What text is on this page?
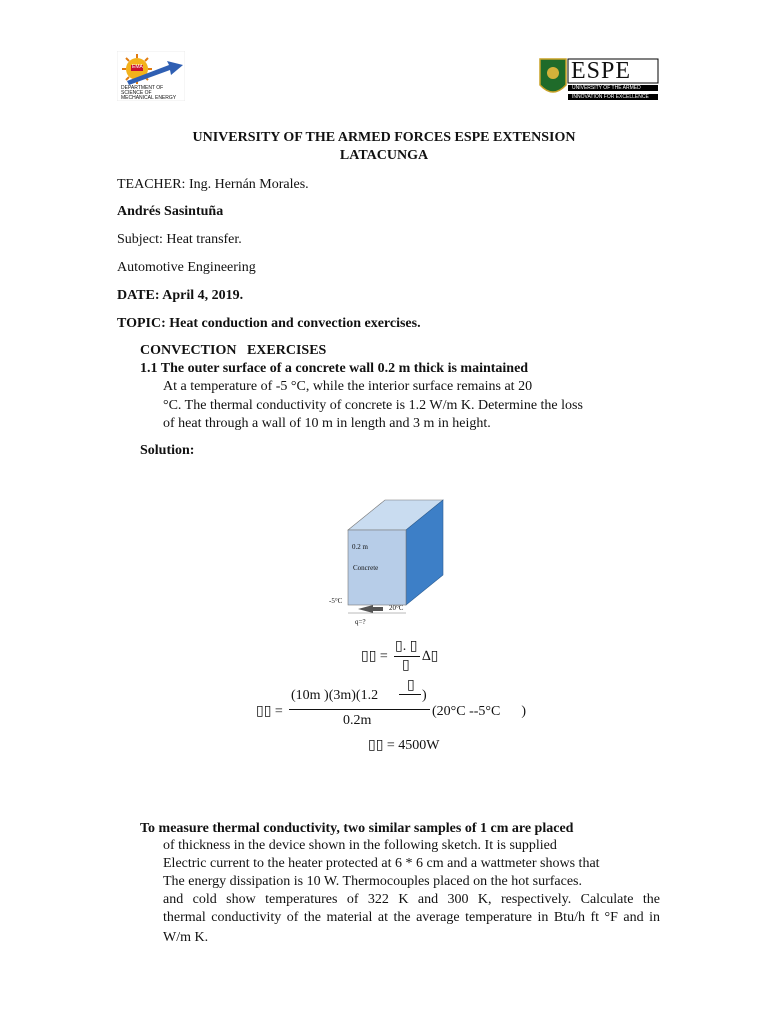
EMA
DEPARTMENT OF SCIENCE OF MECHANICAL ENERGY
ESPE
UNIVERSITY OF THE ARMED
INNOVATION FOR EXCELLENCE
UNIVERSITY OF THE ARMED FORCES ESPE EXTENSION
LATACUNGA
TEACHER: Ing. Hernán Morales.
Andrés Sasintuña
Subject: Heat transfer.
Automotive Engineering
DATE: April 4, 2019.
TOPIC: Heat conduction and convection exercises.
CONVECTION   EXERCISES
1.1 The outer surface of a concrete wall 0.2 m thick is maintained
At a temperature of -5 °C, while the interior surface remains at 20
°C. The thermal conductivity of concrete is 1.2 W/m K. Determine the loss
of heat through a wall of 10 m in length and 3 m in height.
Solution:
0.2 m
Concrete
-5°C
20°C
q=?
▯▯ =
▯. ▯
▯
∆▯
▯▯ =
(10m )(3m)(1.2
▯
)
0.2m
(20°C --5°C      )
▯▯ = 4500W
To measure thermal conductivity, two similar samples of 1 cm are placed
of thickness in the device shown in the following sketch. It is supplied
Electric current to the heater protected at 6 * 6 cm and a wattmeter shows that
The energy dissipation is 10 W. Thermocouples placed on the hot surfaces.
and cold show temperatures of 322 K and 300 K, respectively. Calculate the
thermal conductivity of the material at the average temperature in Btu/h ft °F and in
W/m K.
